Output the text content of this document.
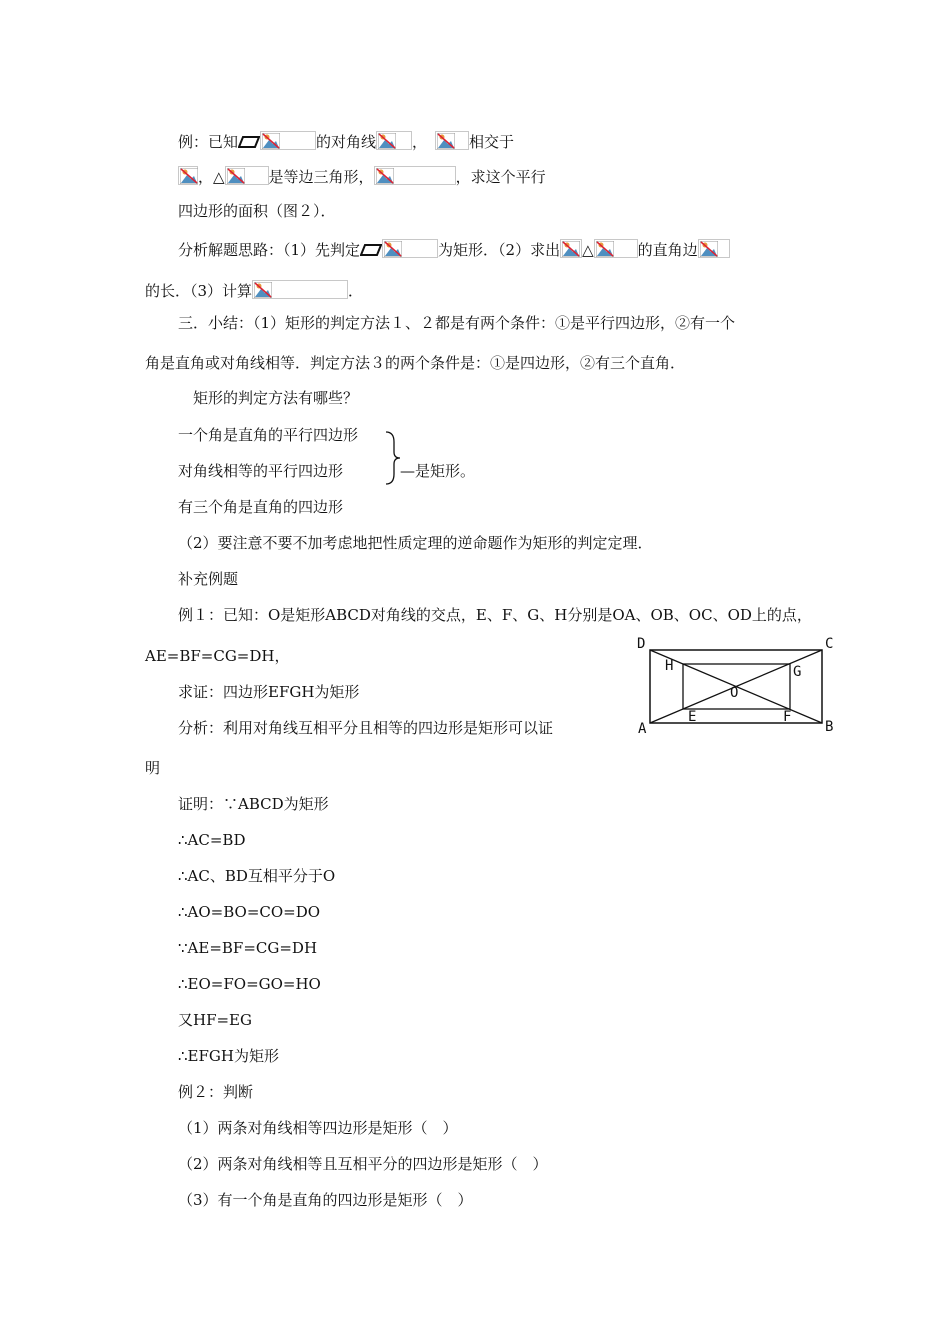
例：已知	的对角线 ，	相交于
，△	是等边三角形，	，求这个平行
四边形的面积（图２）．
分析解题思路：（1）先判定	为矩形．（2）求出 △	的直角边
的长．（3）计算	．
三．小结：（1）矩形的判定方法１、２都是有两个条件：①是平行四边形，②有一个
角是直角或对角线相等．判定方法３的两个条件是：①是四边形，②有三个直角．
矩形的判定方法有哪些？
一个角是直角的平行四边形
对角线相等的平行四边形	—是矩形。
有三个角是直角的四边形
（2）要注意不要不加考虑地把性质定理的逆命题作为矩形的判定定理．
补充例题
例１：已知：O是矩形ABCD对角线的交点，E、F、G、H分别是OA、OB、OC、OD上的点，
AE=BF=CG=DH，
求证：四边形EFGH为矩形
分析：利用对角线互相平分且相等的四边形是矩形可以证
明
证明：∵ABCD为矩形
∴AC=BD
∴AC、BD互相平分于O
∴AO=BO=CO=DO
∵AE=BF=CG=DH
∴EO=FO=GO=HO
又HF=EG
∴EFGH为矩形
例２：判断
（1）两条对角线相等四边形是矩形（　）
（2）两条对角线相等且互相平分的四边形是矩形（　）
（3）有一个角是直角的四边形是矩形（　）
D	C
A	B
H	G
E	F
O
